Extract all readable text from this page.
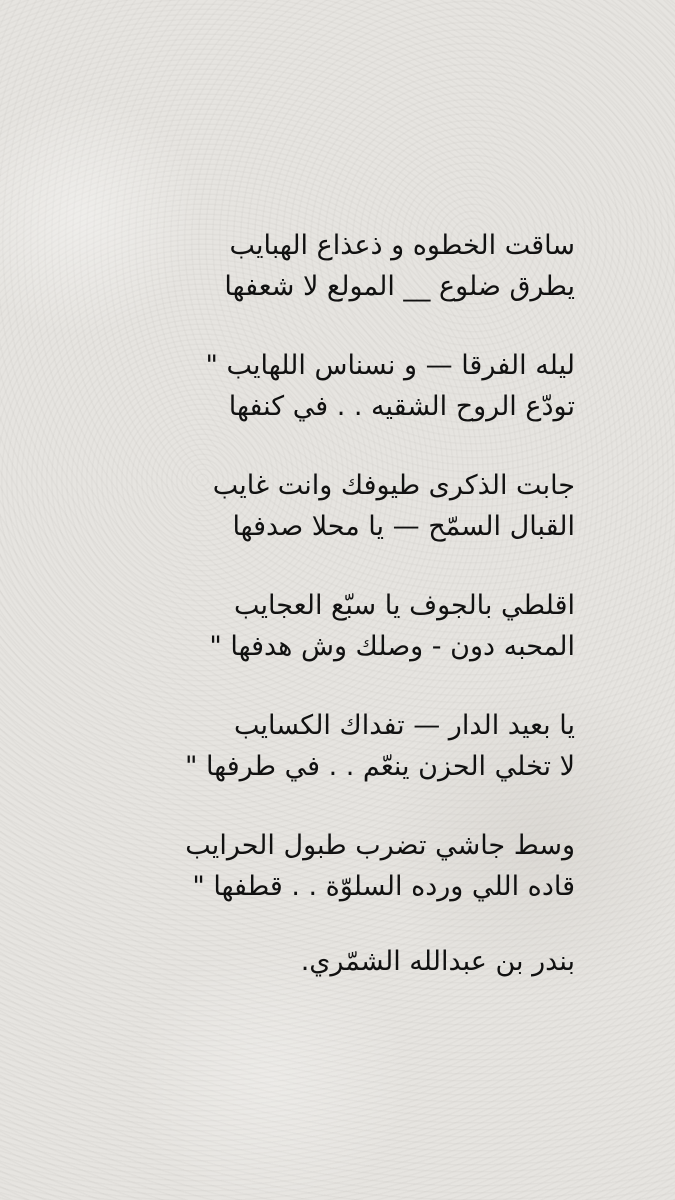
ساقت الخطوه و ذعذاع الهبايب
يطرق ضلوع __ المولع لا شعفها
ليله الفرقا — و نسناس اللهايب "
تودّع الروح الشقيه . . في كنفها
جابت الذكرى طيوفك وانت غايب
القبال السمّح — يا محلا صدفها
اقلطي بالجوف يا سبّع العجايب
المحبه دون - وصلك وش هدفها "
يا بعيد الدار — تفداك الكسايب
لا تخلي الحزن ينعّم . . في طرفها "
وسط جاشي تضرب طبول الحرايب
قاده اللي ورده السلوّة . . قطفها "
بندر بن عبدالله الشمّري.
